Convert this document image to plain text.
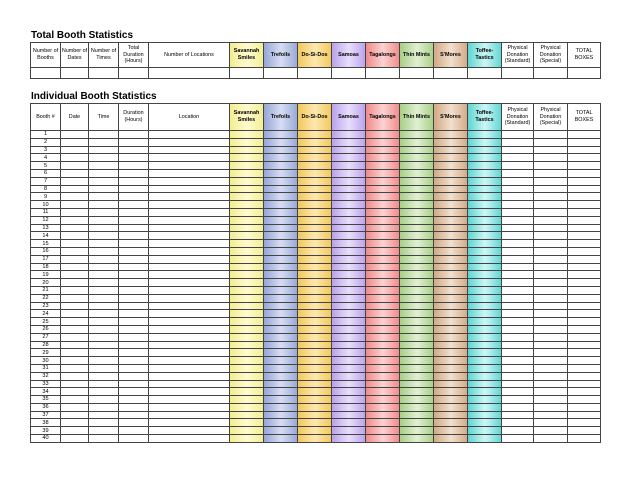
Total Booth Statistics
Number of Booths	Number of Dates	Number of Times	Total Duration (Hours)	Number of Locations	Savannah Smiles	Trefoils	Do-Si-Dos	Samoas	Tagalongs	Thin Mints	S'Mores	Toffee-Tastics	Physical Donation (Standard)	Physical Donation (Special)	TOTAL BOXES

Individual Booth Statistics
Booth #	Date	Time	Duration (Hours)	Location	Savannah Smiles	Trefoils	Do-Si-Dos	Samoas	Tagalongs	Thin Mints	S'Mores	Toffee-Tastics	Physical Donation (Standard)	Physical Donation (Special)	TOTAL BOXES
1															
2															
3															
4															
5															
6															
7															
8															
9															
10															
11															
12															
13															
14															
15															
16															
17															
18															
19															
20															
21															
22															
23															
24															
25															
26															
27															
28															
29															
30															
31															
32															
33															
34															
35															
36															
37															
38															
39															
40															
